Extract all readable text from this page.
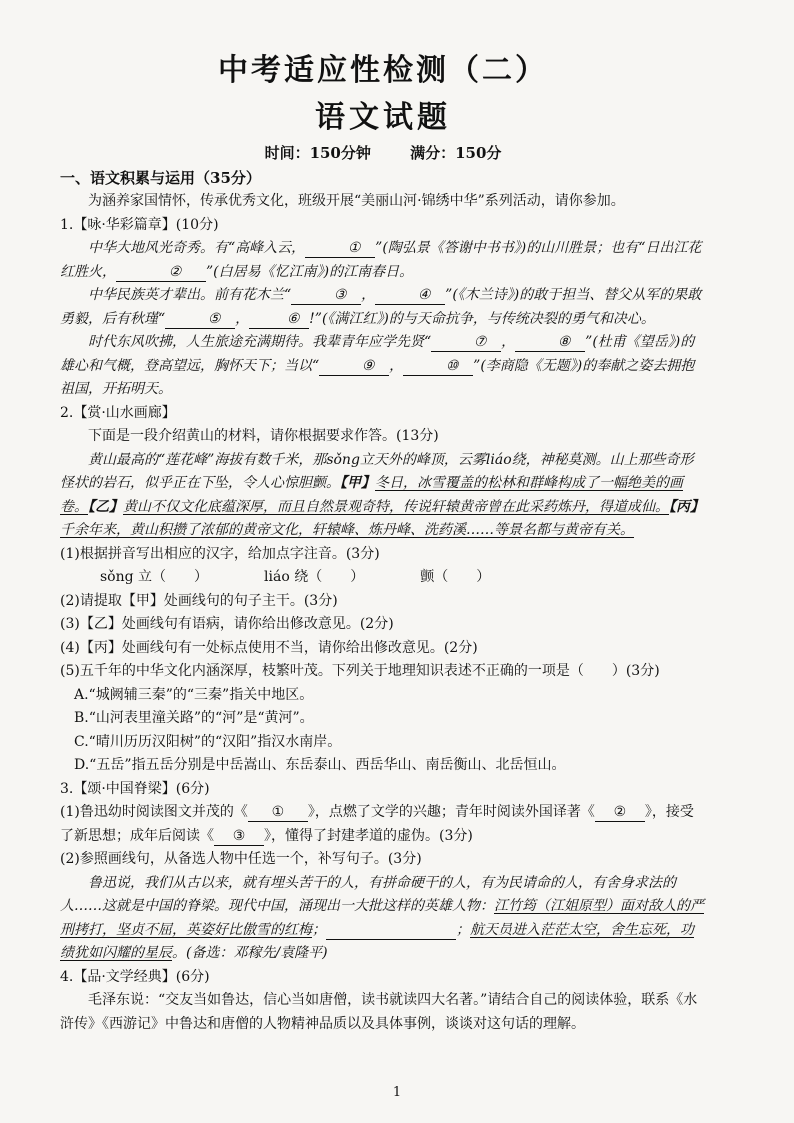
中考适应性检测（二）
语文试题
时间：150分钟	满分：150分
一、语文积累与运用（35分）

为涵养家国情怀，传承优秀文化，班级开展“美丽山河·锦绣中华”系列活动，请你参加。

1.【咏·华彩篇章】(10分)

中华大地风光奇秀。有“高峰入云，	① ”(陶弘景《答谢中书书》)的山川胜景；也有“日出江花红胜火，	② ”(白居易《忆江南》)的江南春日。

中华民族英才辈出。前有花木兰“	③ ，	④ ”(《木兰诗》)的敢于担当、替父从军的果敢勇毅，后有秋瑾“	⑤ ，	⑥ !”(《满江红》)的与天命抗争，与传统决裂的勇气和决心。

时代东风吹拂，人生旅途充满期待。我辈青年应学先贤“	⑦ ，	⑧ ”(杜甫《望岳》)的雄心和气概，登高望远，胸怀天下；当以“	⑨ ，	⑩ ”(李商隐《无题》)的奉献之姿去拥抱祖国，开拓明天。

2.【赏·山水画廊】

下面是一段介绍黄山的材料，请你根据要求作答。(13分)

黄山最高的“莲花峰”海拔有数千米，那sǒng立天外的峰顶，云雾liáo绕，神秘莫测。山上那些奇形怪状的岩石，似乎正在下坠，令人心惊胆颤。【甲】冬日，冰雪覆盖的松林和群峰构成了一幅绝美的画卷。【乙】黄山不仅文化底蕴深厚，而且自然景观奇特，传说轩辕黄帝曾在此采药炼丹，得道成仙。【丙】千余年来，黄山积攒了浓郁的黄帝文化，轩辕峰、炼丹峰、洗药溪……等景名都与黄帝有关。

(1)根据拼音写出相应的汉字，给加点字注音。(3分)

sǒng 立（　　）	liáo 绕（　　）	颤（　　）

(2)请提取【甲】处画线句的句子主干。(3分)

(3)【乙】处画线句有语病，请你给出修改意见。(2分)

(4)【丙】处画线句有一处标点使用不当，请你给出修改意见。(2分)

(5)五千年的中华文化内涵深厚，枝繁叶茂。下列关于地理知识表述不正确的一项是（　　）(3分)

A.“城阙辅三秦”的“三秦”指关中地区。

B.“山河表里潼关路”的“河”是“黄河”。

C.“晴川历历汉阳树”的“汉阳”指汉水南岸。

D.“五岳”指五岳分别是中岳嵩山、东岳泰山、西岳华山、南岳衡山、北岳恒山。

3.【颂·中国脊梁】(6分)

(1)鲁迅幼时阅读图文并茂的《 ① 》，点燃了文学的兴趣；青年时阅读外国译著《 ② 》，接受了新思想；成年后阅读《 ③ 》，懂得了封建孝道的虚伪。(3分)

(2)参照画线句，从备选人物中任选一个，补写句子。(3分)

鲁迅说，我们从古以来，就有埋头苦干的人，有拼命硬干的人，有为民请命的人，有舍身求法的人……这就是中国的脊梁。现代中国，涌现出一大批这样的英雄人物：江竹筠（江姐原型）面对敌人的严刑拷打，坚贞不屈，英姿好比傲雪的红梅；	；航天员进入茫茫太空，舍生忘死，功绩犹如闪耀的星辰。(备选：邓稼先/袁隆平)

4.【品·文学经典】(6分)

毛泽东说：“交友当如鲁达，信心当如唐僧，读书就读四大名著。”请结合自己的阅读体验，联系《水浒传》《西游记》中鲁达和唐僧的人物精神品质以及具体事例，谈谈对这句话的理解。

1
